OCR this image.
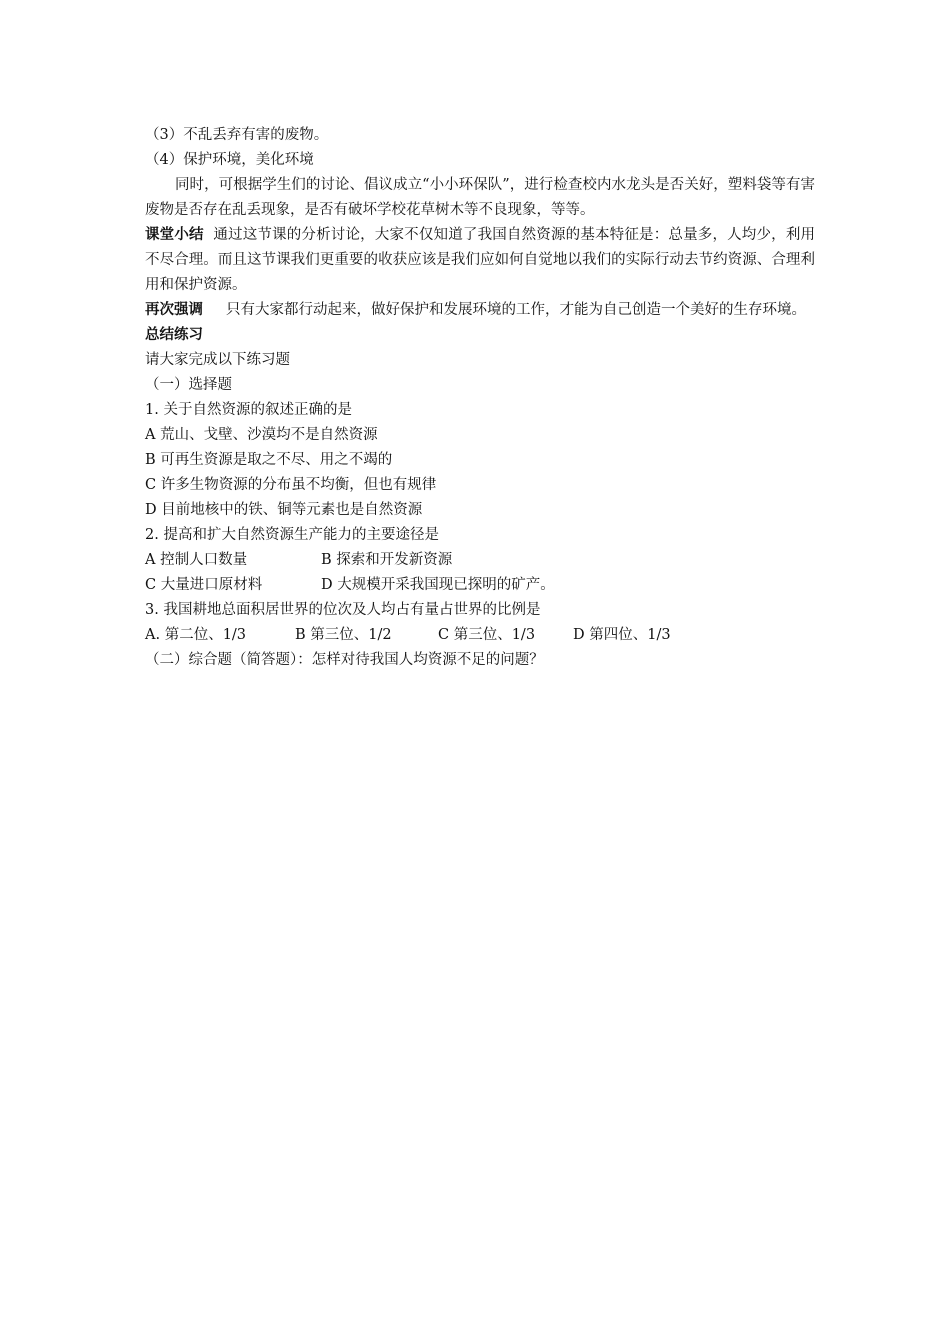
（3）不乱丢弃有害的废物。
（4）保护环境，美化环境
同时，可根据学生们的讨论、倡议成立“小小环保队”，进行检查校内水龙头是否关好，塑料袋等有害废物是否存在乱丢现象，是否有破坏学校花草树木等不良现象，等等。
课堂小结 通过这节课的分析讨论，大家不仅知道了我国自然资源的基本特征是：总量多，人均少，利用不尽合理。而且这节课我们更重要的收获应该是我们应如何自觉地以我们的实际行动去节约资源、合理利用和保护资源。
再次强调 只有大家都行动起来，做好保护和发展环境的工作，才能为自己创造一个美好的生存环境。
总结练习
请大家完成以下练习题
（一）选择题
1. 关于自然资源的叙述正确的是
A 荒山、戈壁、沙漠均不是自然资源
B 可再生资源是取之不尽、用之不竭的
C 许多生物资源的分布虽不均衡，但也有规律
D 目前地核中的铁、铜等元素也是自然资源
2. 提高和扩大自然资源生产能力的主要途径是
A 控制人口数量	B 探索和开发新资源
C 大量进口原材料	D 大规模开采我国现已探明的矿产。
3. 我国耕地总面积居世界的位次及人均占有量占世界的比例是
A. 第二位、1/3	B 第三位、1/2	C 第三位、1/3	D 第四位、1/3
（二）综合题（简答题）：怎样对待我国人均资源不足的问题？
